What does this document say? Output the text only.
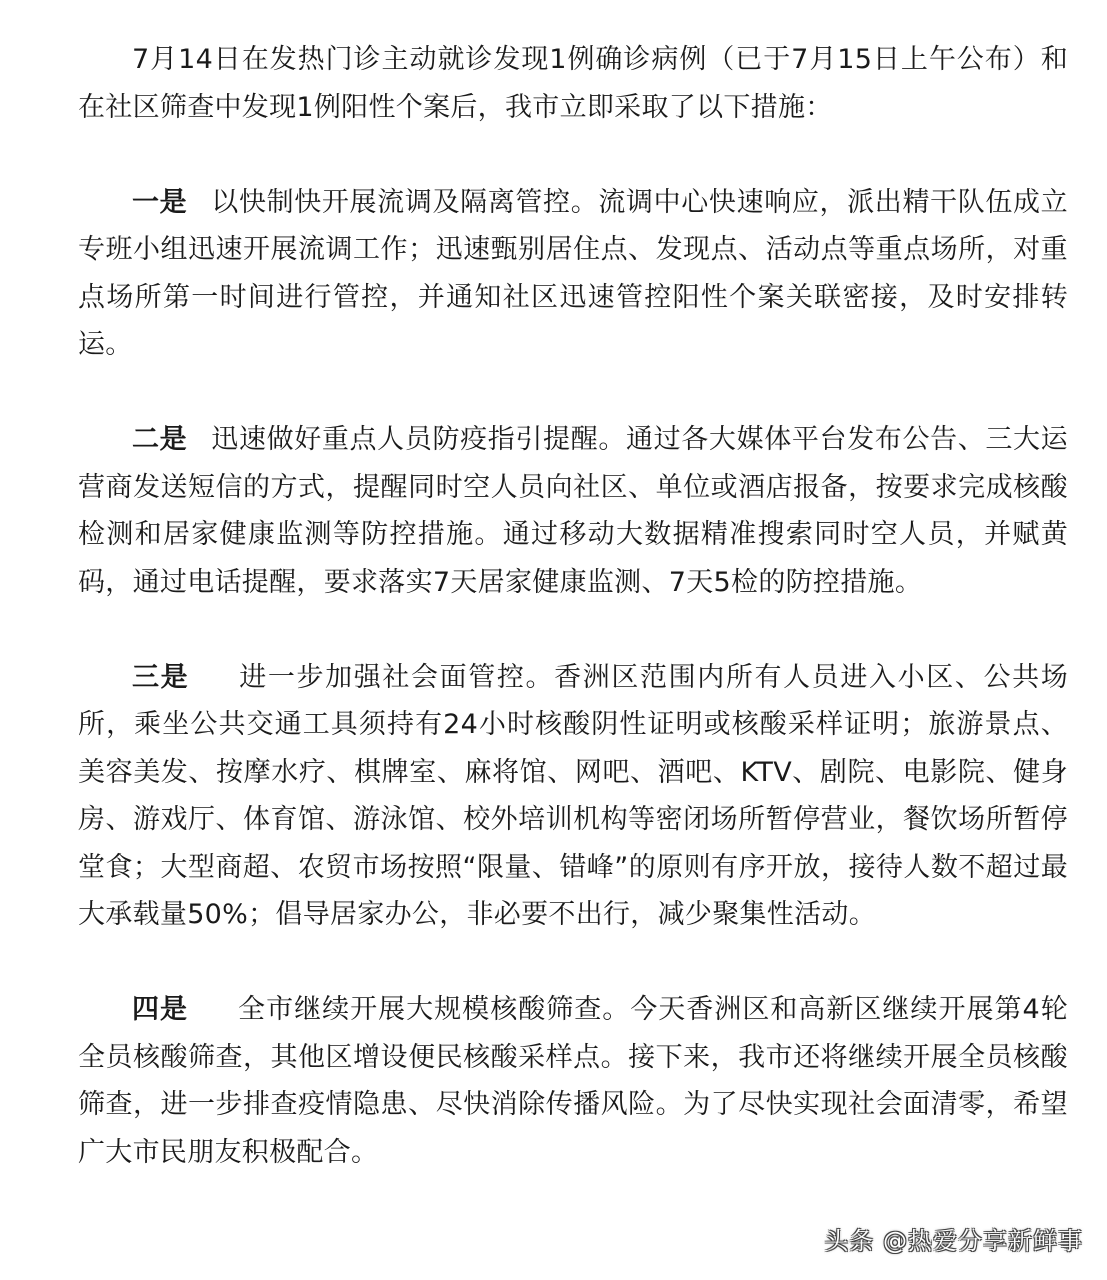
7月14日在发热门诊主动就诊发现1例确诊病例（已于7月15日上午公布）和在社区筛查中发现1例阳性个案后，我市立即采取了以下措施：

一是 以快制快开展流调及隔离管控。流调中心快速响应，派出精干队伍成立专班小组迅速开展流调工作；迅速甄别居住点、发现点、活动点等重点场所，对重点场所第一时间进行管控，并通知社区迅速管控阳性个案关联密接，及时安排转运。

二是 迅速做好重点人员防疫指引提醒。通过各大媒体平台发布公告、三大运营商发送短信的方式，提醒同时空人员向社区、单位或酒店报备，按要求完成核酸检测和居家健康监测等防控措施。通过移动大数据精准搜索同时空人员，并赋黄码，通过电话提醒，要求落实7天居家健康监测、7天5检的防控措施。

三是 进一步加强社会面管控。香洲区范围内所有人员进入小区、公共场所，乘坐公共交通工具须持有24小时核酸阴性证明或核酸采样证明；旅游景点、美容美发、按摩水疗、棋牌室、麻将馆、网吧、酒吧、KTV、剧院、电影院、健身房、游戏厅、体育馆、游泳馆、校外培训机构等密闭场所暂停营业，餐饮场所暂停堂食；大型商超、农贸市场按照“限量、错峰”的原则有序开放，接待人数不超过最大承载量50%；倡导居家办公，非必要不出行，减少聚集性活动。

四是 全市继续开展大规模核酸筛查。今天香洲区和高新区继续开展第4轮全员核酸筛查，其他区增设便民核酸采样点。接下来，我市还将继续开展全员核酸筛查，进一步排查疫情隐患、尽快消除传播风险。为了尽快实现社会面清零，希望广大市民朋友积极配合。

头条 @热爱分享新鲜事
